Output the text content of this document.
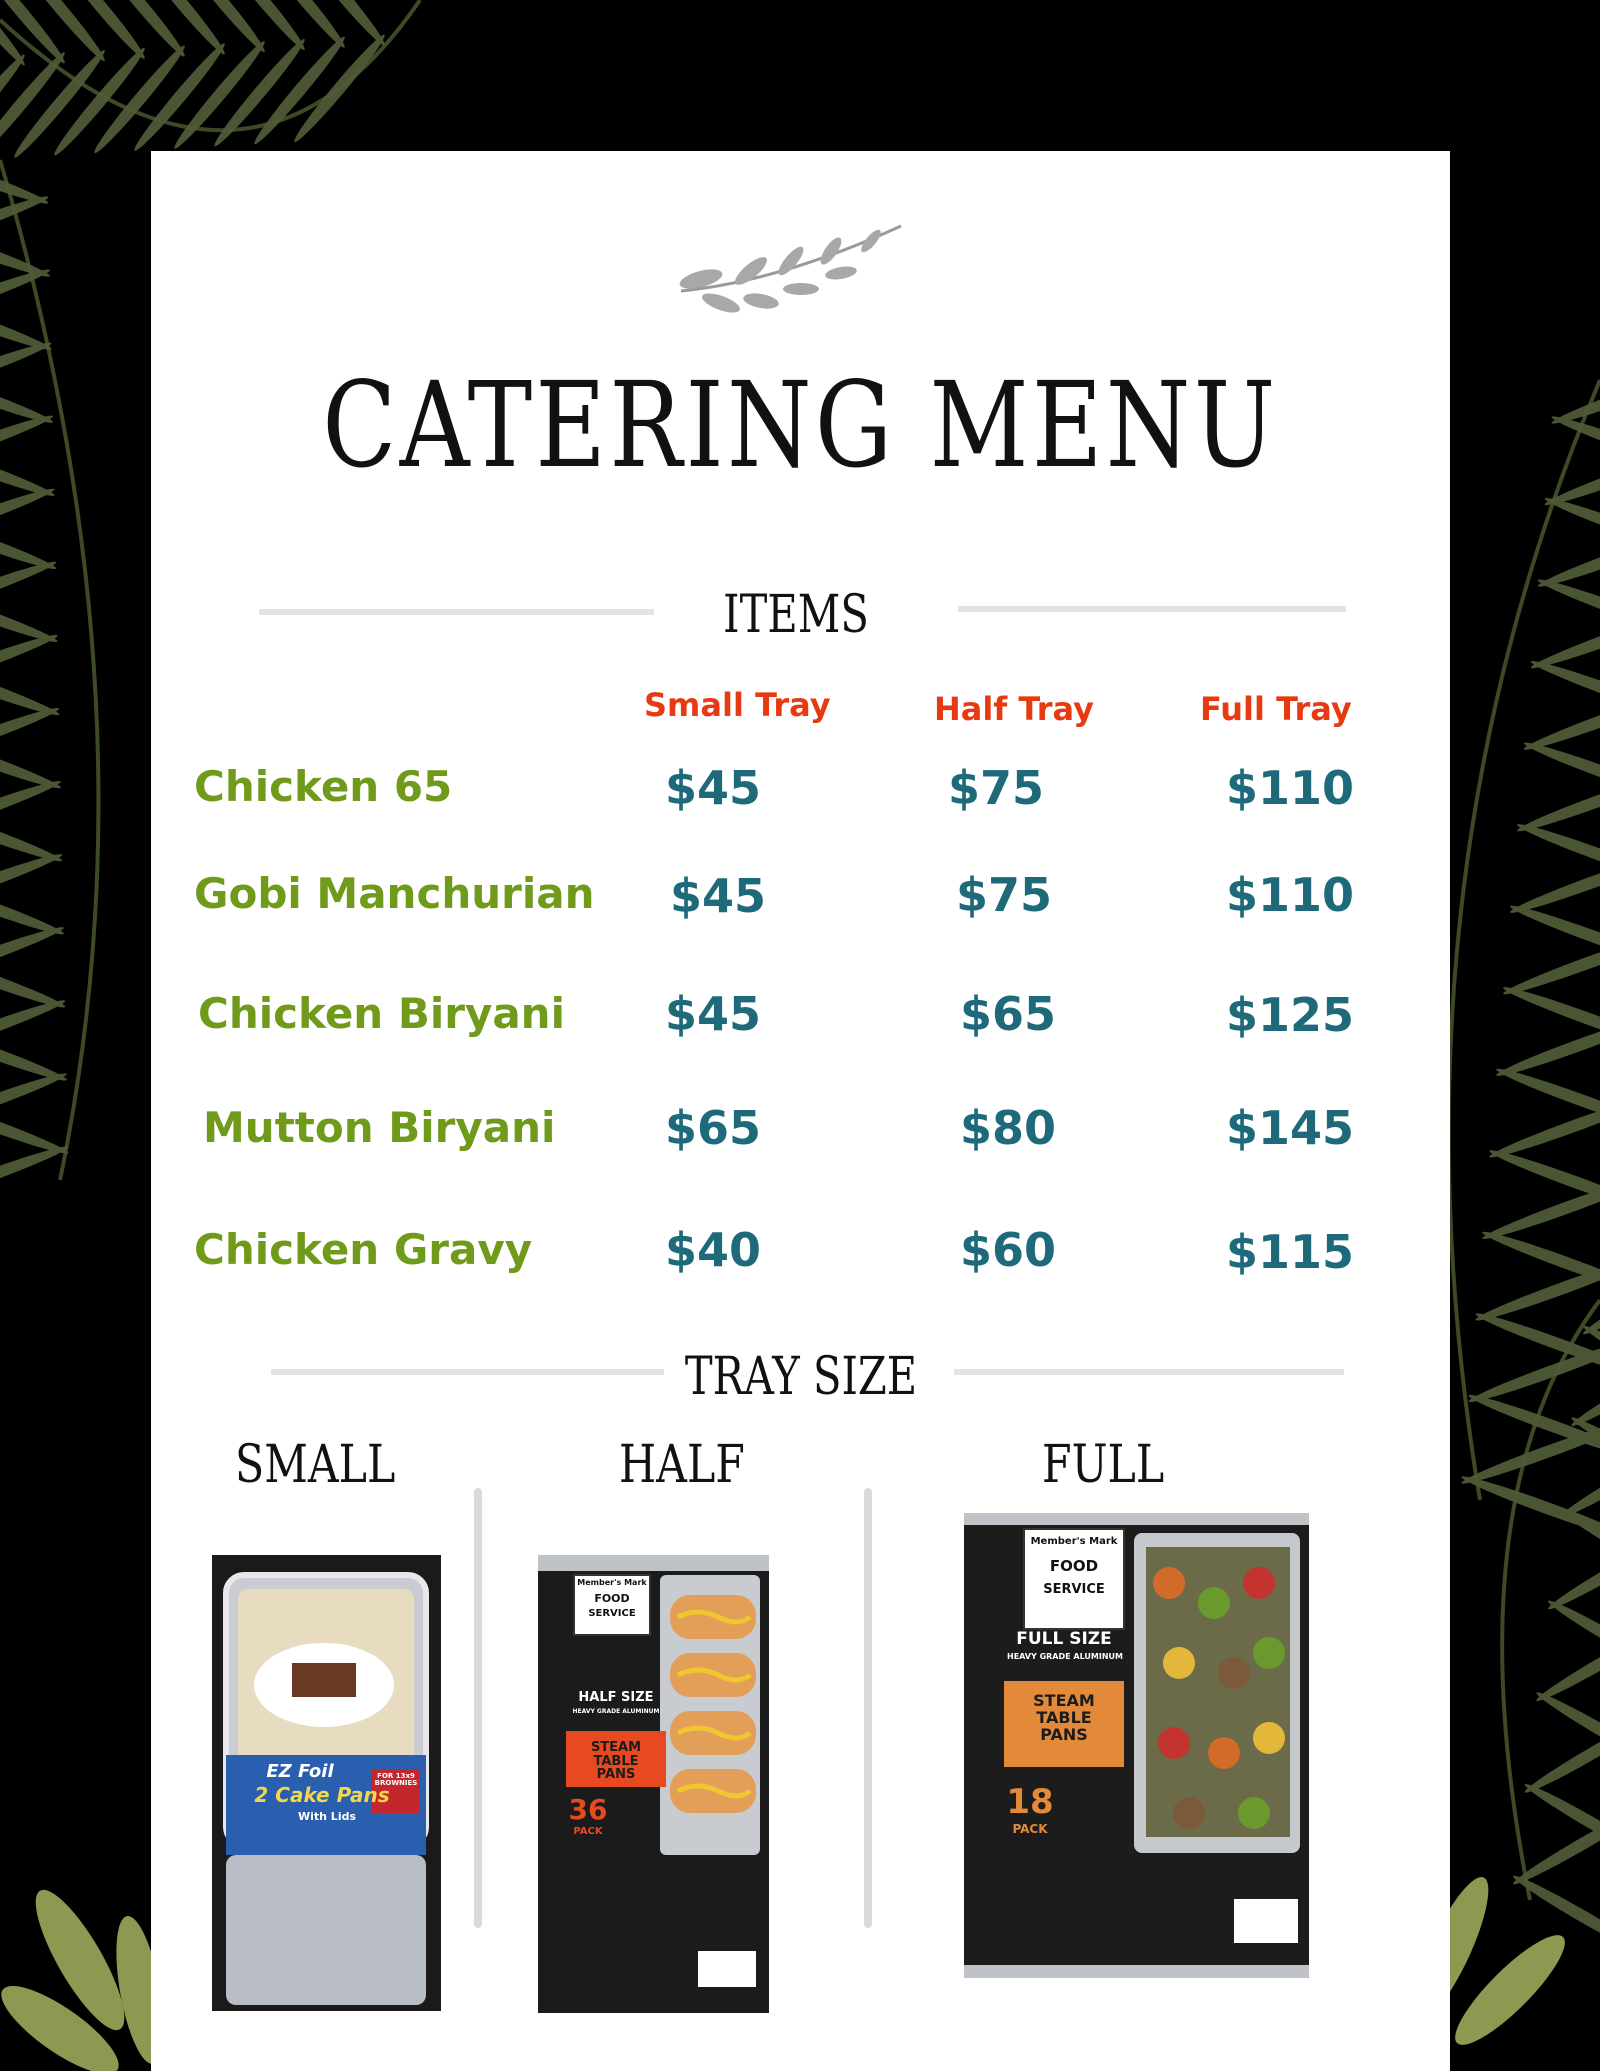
CATERING MENU
ITEMS
Small Tray	Half Tray	Full Tray
Chicken 65	$45	$75	$110
Gobi Manchurian $45	$75	$110
Chicken Biryani $45	$65	$125
Mutton Biryani $65	$80	$145
Chicken Gravy	$40	$60	$115
TRAY SIZE
SMALL	HALF	FULL
EZ Foil
2 Cake Pans
With Lids
FOR 13x9 BROWNIES
Member's Mark
FOOD
SERVICE
HALF SIZE
HEAVY GRADE ALUMINUM
STEAM TABLE PANS
36
PACK
Member's Mark
FOOD
SERVICE
FULL SIZE
HEAVY GRADE ALUMINUM
STEAM TABLE PANS
18
PACK
